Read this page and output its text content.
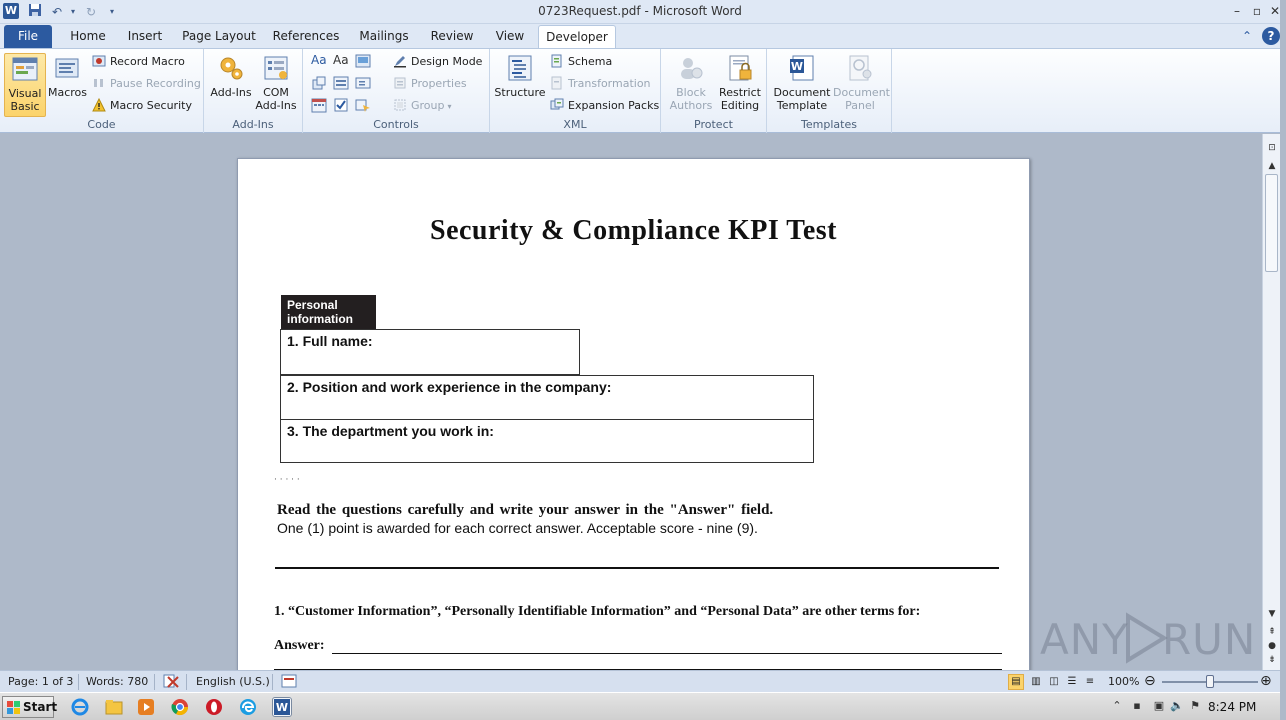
W	↶	▾ ↻	▾	0723Request.pdf - Microsoft Word	–	▫ ✕
File	Home	Insert	Page Layout	References	Mailings	Review	View	Developer	⌃	?
Visual Basic
Macros
Record Macro
Pause Recording
Macro Security
Code
Add-Ins	COM Add-Ins
Add-Ins
Aa Aa	Design Mode
Properties
Group ▾
Controls
Structure
Schema
Transformation
Expansion Packs
XML
Block Authors
Restrict Editing
Protect
W
Document Template
Document Panel
Templates
Security & Compliance KPI Test
Personal information
1. Full name:
2. Position and work experience in the company:
3. The department you work in:
· · · · ·
Read the questions carefully and write your answer in the "Answer" field.
One (1) point is awarded for each correct answer. Acceptable score - nine (9).
1. “Customer Information”, “Personally Identifiable Information” and “Personal Data” are other terms for:
Answer:	ANY RUN
⊡
▲
▼
⇞
●
⇟
Page: 1 of 3 Words: 780	English (U.S.)	▤	▥ ◫ ☰ ≡	100% ⊖	⊕
Start	W	⌃ ▪ ▣ 🔈 ⚑ 8:24 PM
